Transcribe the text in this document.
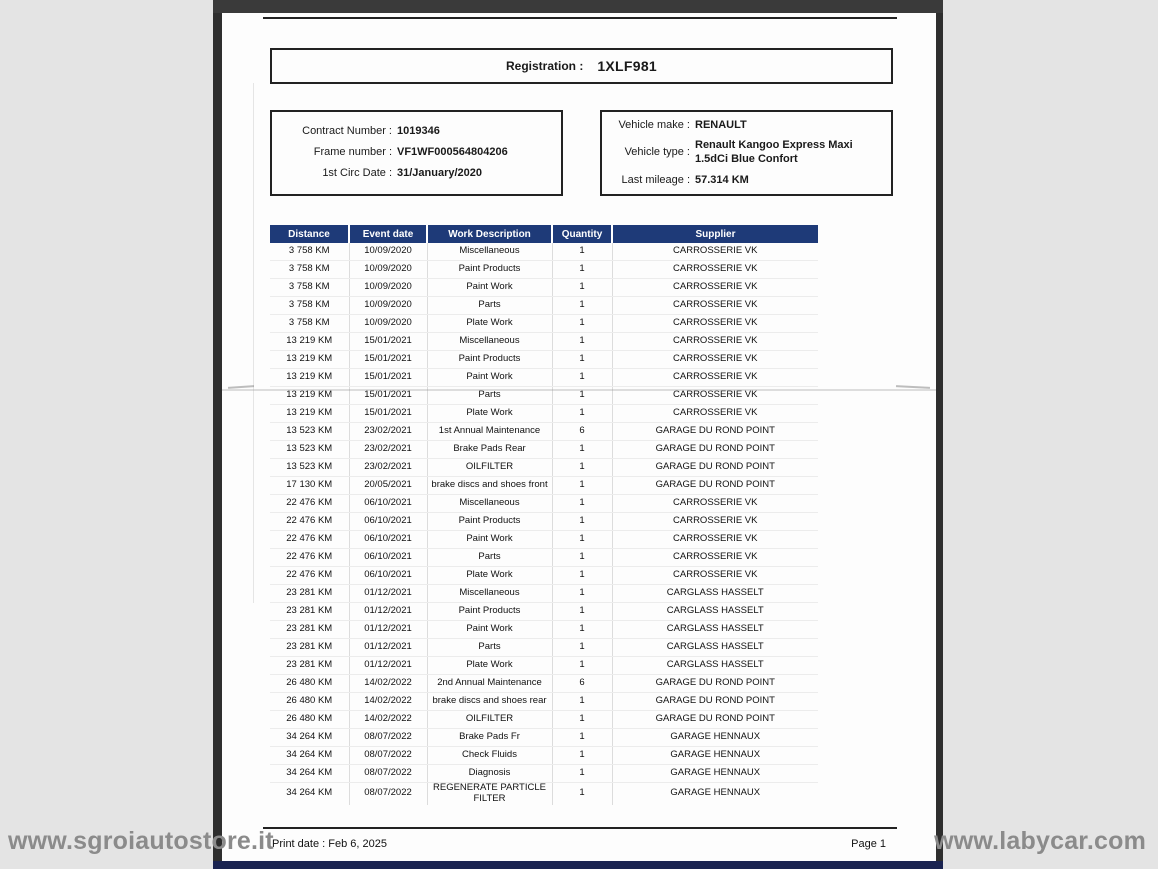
Registration : 1XLF981
Contract Number : 1019346
Frame number : VF1WF000564804206
1st Circ Date : 31/January/2020
Vehicle make : RENAULT
Vehicle type :
Renault Kangoo Express Maxi 1.5dCi Blue Confort
Last mileage : 57.314 KM
Distance	Event date	Work Description	Quantity	Supplier
3 758 KM	10/09/2020	Miscellaneous	1	CARROSSERIE VK
3 758 KM	10/09/2020	Paint Products	1	CARROSSERIE VK
3 758 KM	10/09/2020	Paint Work	1	CARROSSERIE VK
3 758 KM	10/09/2020	Parts	1	CARROSSERIE VK
3 758 KM	10/09/2020	Plate Work	1	CARROSSERIE VK
13 219 KM	15/01/2021	Miscellaneous	1	CARROSSERIE VK
13 219 KM	15/01/2021	Paint Products	1	CARROSSERIE VK
13 219 KM	15/01/2021	Paint Work	1	CARROSSERIE VK
13 219 KM	15/01/2021	Parts	1	CARROSSERIE VK
13 219 KM	15/01/2021	Plate Work	1	CARROSSERIE VK
13 523 KM	23/02/2021	1st Annual Maintenance	6	GARAGE DU ROND POINT
13 523 KM	23/02/2021	Brake Pads Rear	1	GARAGE DU ROND POINT
13 523 KM	23/02/2021	OILFILTER	1	GARAGE DU ROND POINT
17 130 KM	20/05/2021	brake discs and shoes front	1	GARAGE DU ROND POINT
22 476 KM	06/10/2021	Miscellaneous	1	CARROSSERIE VK
22 476 KM	06/10/2021	Paint Products	1	CARROSSERIE VK
22 476 KM	06/10/2021	Paint Work	1	CARROSSERIE VK
22 476 KM	06/10/2021	Parts	1	CARROSSERIE VK
22 476 KM	06/10/2021	Plate Work	1	CARROSSERIE VK
23 281 KM	01/12/2021	Miscellaneous	1	CARGLASS HASSELT
23 281 KM	01/12/2021	Paint Products	1	CARGLASS HASSELT
23 281 KM	01/12/2021	Paint Work	1	CARGLASS HASSELT
23 281 KM	01/12/2021	Parts	1	CARGLASS HASSELT
23 281 KM	01/12/2021	Plate Work	1	CARGLASS HASSELT
26 480 KM	14/02/2022	2nd Annual Maintenance	6	GARAGE DU ROND POINT
26 480 KM	14/02/2022	brake discs and shoes rear	1	GARAGE DU ROND POINT
26 480 KM	14/02/2022	OILFILTER	1	GARAGE DU ROND POINT
34 264 KM	08/07/2022	Brake Pads Fr	1	GARAGE HENNAUX
34 264 KM	08/07/2022	Check Fluids	1	GARAGE HENNAUX
34 264 KM	08/07/2022	Diagnosis	1	GARAGE HENNAUX
34 264 KM	08/07/2022	REGENERATE PARTICLE FILTER	1	GARAGE HENNAUX
Print date : Feb 6, 2025	Page 1
www.sgroiautostore.it	www.labycar.com
